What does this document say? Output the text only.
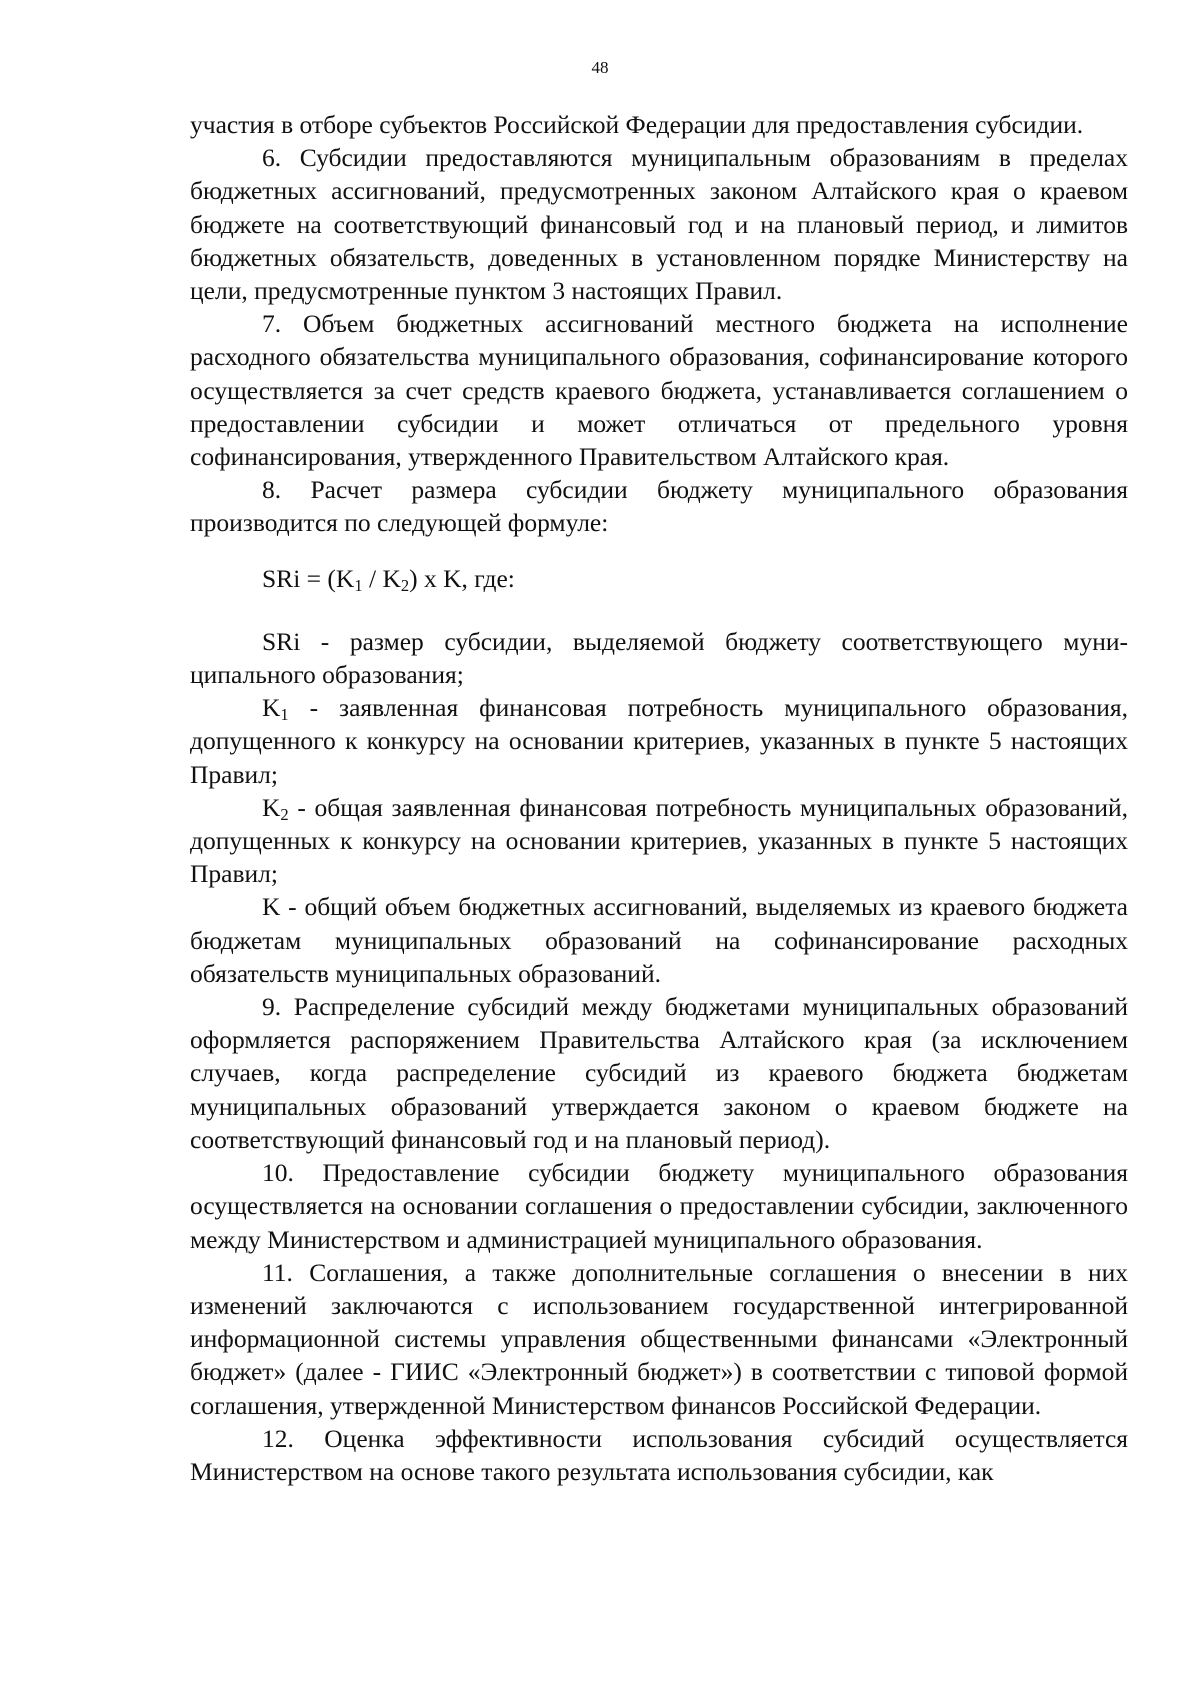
48

участия в отборе субъектов Российской Федерации для предоставления субсидии.

6. Субсидии предоставляются муниципальным образованиям в пределах бюджетных ассигнований, предусмотренных законом Алтайского края о краевом бюджете на соответствующий финансовый год и на плановый период, и лимитов бюджетных обязательств, доведенных в установленном порядке Министерству на цели, предусмотренные пунктом 3 настоящих Правил.

7. Объем бюджетных ассигнований местного бюджета на исполнение расходного обязательства муниципального образования, софинансирование которого осуществляется за счет средств краевого бюджета, устанавливается соглашением о предоставлении субсидии и может отличаться от предельного уровня софинансирования, утвержденного Правительством Алтайского края.

8. Расчет размера субсидии бюджету муниципального образования производится по следующей формуле:

SRi = $(K_1 / K_2)$ x K, где:

SRi - размер субсидии, выделяемой бюджету соответствующего муниципального образования;

$K_1$ - заявленная финансовая потребность муниципального образования, допущенного к конкурсу на основании критериев, указанных в пункте 5 настоящих Правил;

$K_2$ - общая заявленная финансовая потребность муниципальных образований, допущенных к конкурсу на основании критериев, указанных в пункте 5 настоящих Правил;

K - общий объем бюджетных ассигнований, выделяемых из краевого бюджета бюджетам муниципальных образований на софинансирование расходных обязательств муниципальных образований.

9. Распределение субсидий между бюджетами муниципальных образований оформляется распоряжением Правительства Алтайского края (за исключением случаев, когда распределение субсидий из краевого бюджета бюджетам муниципальных образований утверждается законом о краевом бюджете на соответствующий финансовый год и на плановый период).

10. Предоставление субсидии бюджету муниципального образования осуществляется на основании соглашения о предоставлении субсидии, заключенного между Министерством и администрацией муниципального образования.

11. Соглашения, а также дополнительные соглашения о внесении в них изменений заключаются с использованием государственной интегрированной информационной системы управления общественными финансами «Электронный бюджет» (далее - ГИИС «Электронный бюджет») в соответствии с типовой формой соглашения, утвержденной Министерством финансов Российской Федерации.

12. Оценка эффективности использования субсидий осуществляется Министерством на основе такого результата использования субсидии, как
